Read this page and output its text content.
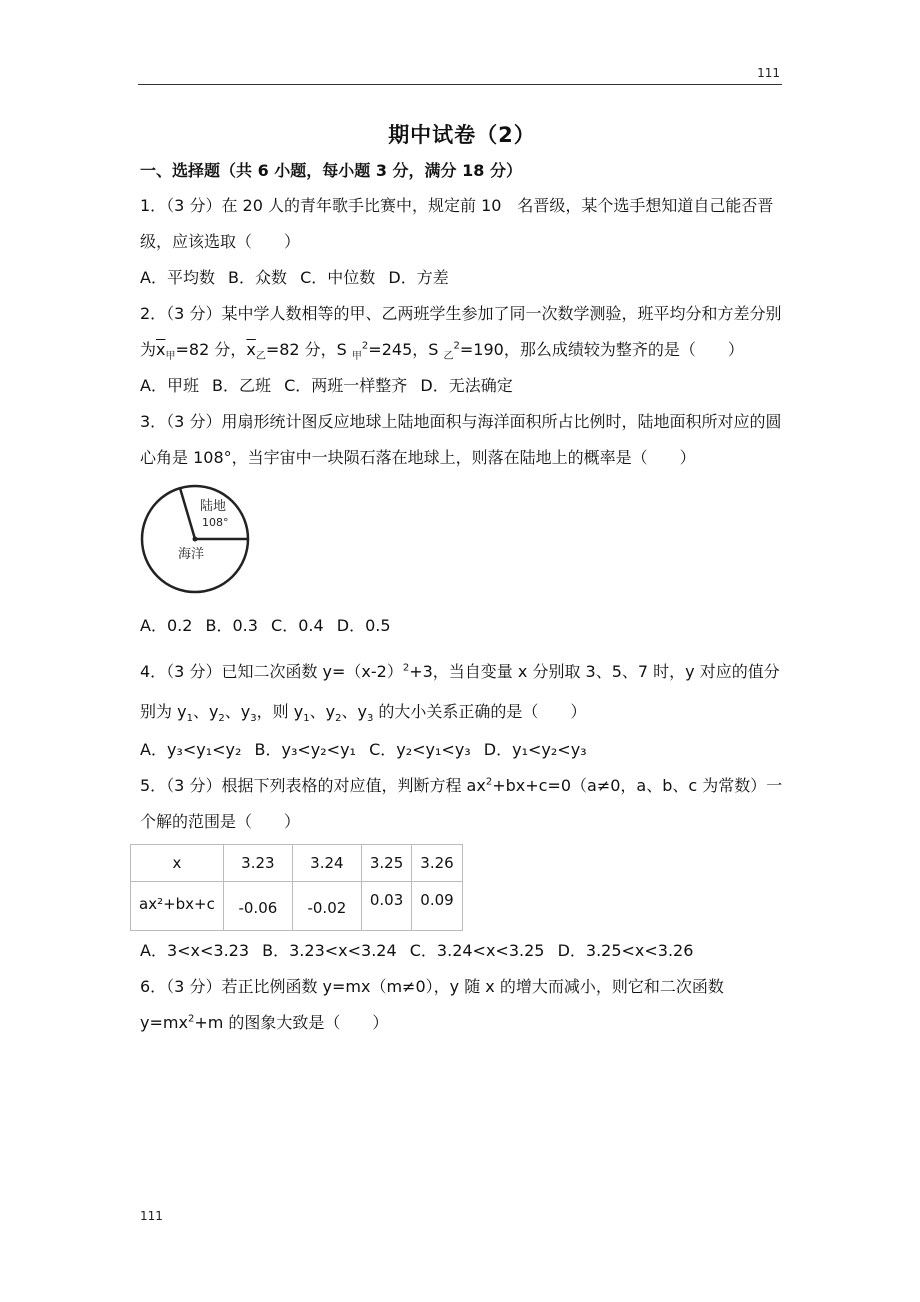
111
期中试卷（2）
一、选择题（共 6 小题，每小题 3 分，满分 18 分）

1．（3 分）在 20 人的青年歌手比赛中，规定前 10　名晋级，某个选手想知道自己能否晋级，应该选取（　　）

A．平均数 B．众数 C．中位数 D．方差

2．（3 分）某中学人数相等的甲、乙两班学生参加了同一次数学测验，班平均分和方差分别为$\overline{x}_甲=82$ 分，$\overline{x}_乙=82$ 分，S $_甲^2$=245，S $_乙^2$=190，那么成绩较为整齐的是（　　）

A．甲班 B．乙班 C．两班一样整齐 D．无法确定

3．（3 分）用扇形统计图反应地球上陆地面积与海洋面积所占比例时，陆地面积所对应的圆心角是 108°，当宇宙中一块陨石落在地球上，则落在陆地上的概率是（　　）

陆地
108°
海洋

A．0.2 B．0.3 C．0.4 D．0.5

4．（3 分）已知二次函数 $y=(x-2)^2+3$，当自变量 x 分别取 3、5、7 时，y 对应的值分别为 $y_1$、$y_2$、$y_3$，则 $y_1$、$y_2$、$y_3$ 的大小关系正确的是（　　）

A．y₃<y₁<y₂ B．y₃<y₂<y₁ C．y₂<y₁<y₃ D．y₁<y₂<y₃

5．（3 分）根据下列表格的对应值，判断方程 $ax^2+bx+c=0(a\ne 0$，a、b、c 为常数）一个解的范围是（　　）

x	3.23	3.24	3.25	3.26
ax²+bx+c	-0.06	-0.02	0.03	0.09

A．3<x<3.23 B．3.23<x<3.24 C．3.24<x<3.25 D．3.25<x<3.26

6．（3 分）若正比例函数 y=mx（m≠0），y 随 x 的增大而减小，则它和二次函数 $y=mx^2+m$ 的图象大致是（　　）

111
